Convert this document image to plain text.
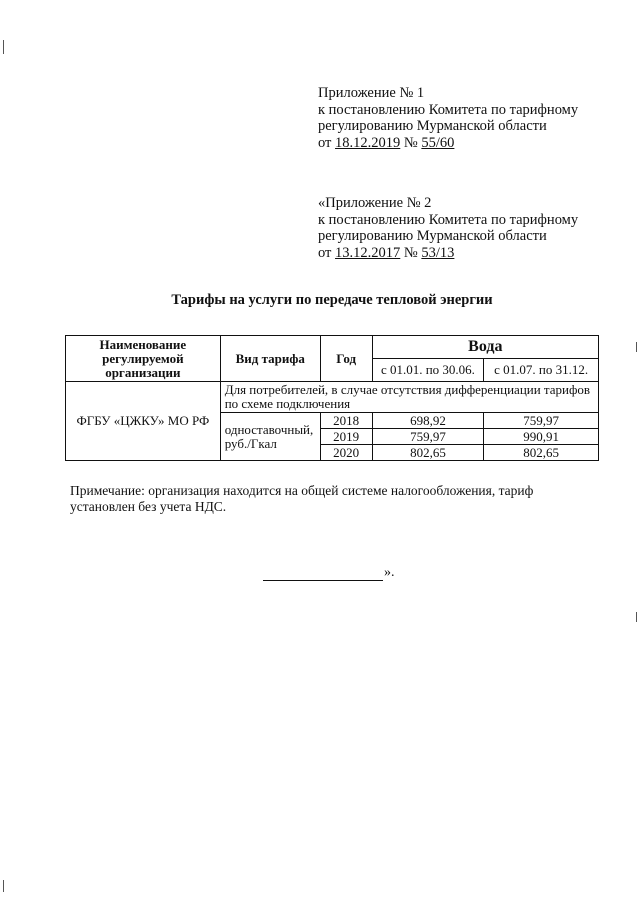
Приложение № 1
к постановлению Комитета по тарифному
регулированию Мурманской области
от 18.12.2019 № 55/60
«Приложение № 2
к постановлению Комитета по тарифному
регулированию Мурманской области
от 13.12.2017 № 53/13
Тарифы на услуги по передаче тепловой энергии
Наименование регулируемой организации	Вид тарифа	Год	Вода	
			с 01.01. по 30.06.	с 01.07. по 31.12.
ФГБУ «ЦЖКУ» МО РФ	Для потребителей, в случае отсутствия дифференциации тарифов по схеме подключения			
	одноставочный, руб./Гкал	2018	698,92	759,97
		2019	759,97	990,91
		2020	802,65	802,65
Примечание: организация находится на общей системе налогообложения, тариф установлен без учета НДС.
».
